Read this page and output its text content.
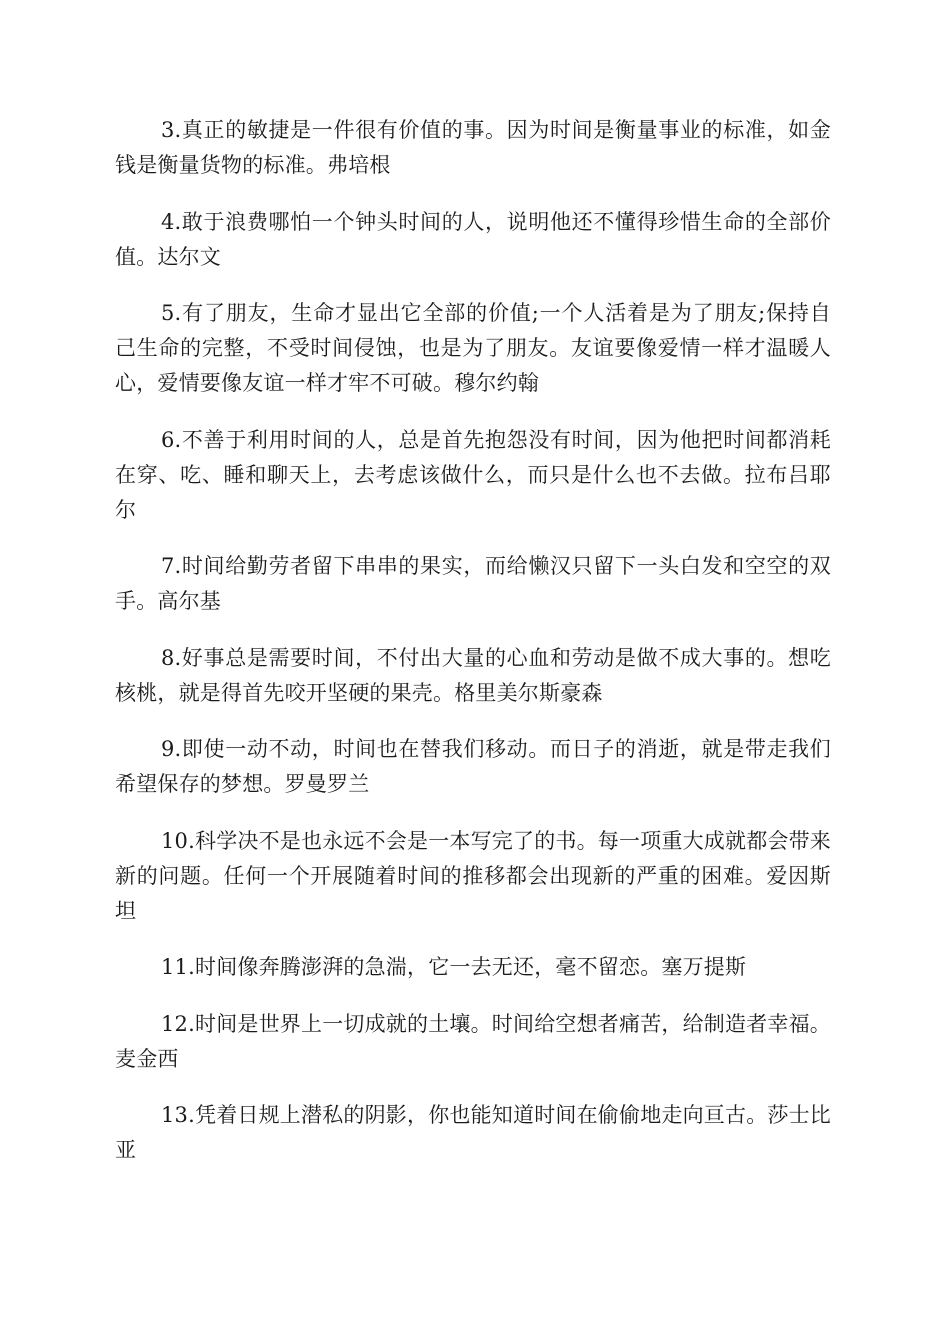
3.真正的敏捷是一件很有价值的事。因为时间是衡量事业的标准，如金钱是衡量货物的标准。弗培根

4.敢于浪费哪怕一个钟头时间的人，说明他还不懂得珍惜生命的全部价值。达尔文

5.有了朋友，生命才显出它全部的价值;一个人活着是为了朋友;保持自己生命的完整，不受时间侵蚀，也是为了朋友。友谊要像爱情一样才温暖人心，爱情要像友谊一样才牢不可破。穆尔约翰

6.不善于利用时间的人，总是首先抱怨没有时间，因为他把时间都消耗在穿、吃、睡和聊天上，去考虑该做什么，而只是什么也不去做。拉布吕耶尔

7.时间给勤劳者留下串串的果实，而给懒汉只留下一头白发和空空的双手。高尔基

8.好事总是需要时间，不付出大量的心血和劳动是做不成大事的。想吃核桃，就是得首先咬开坚硬的果壳。格里美尔斯豪森

9.即使一动不动，时间也在替我们移动。而日子的消逝，就是带走我们希望保存的梦想。罗曼罗兰

10.科学决不是也永远不会是一本写完了的书。每一项重大成就都会带来新的问题。任何一个开展随着时间的推移都会出现新的严重的困难。爱因斯坦

11.时间像奔腾澎湃的急湍，它一去无还，毫不留恋。塞万提斯

12.时间是世界上一切成就的土壤。时间给空想者痛苦，给制造者幸福。麦金西

13.凭着日规上潜私的阴影，你也能知道时间在偷偷地走向亘古。莎士比亚
